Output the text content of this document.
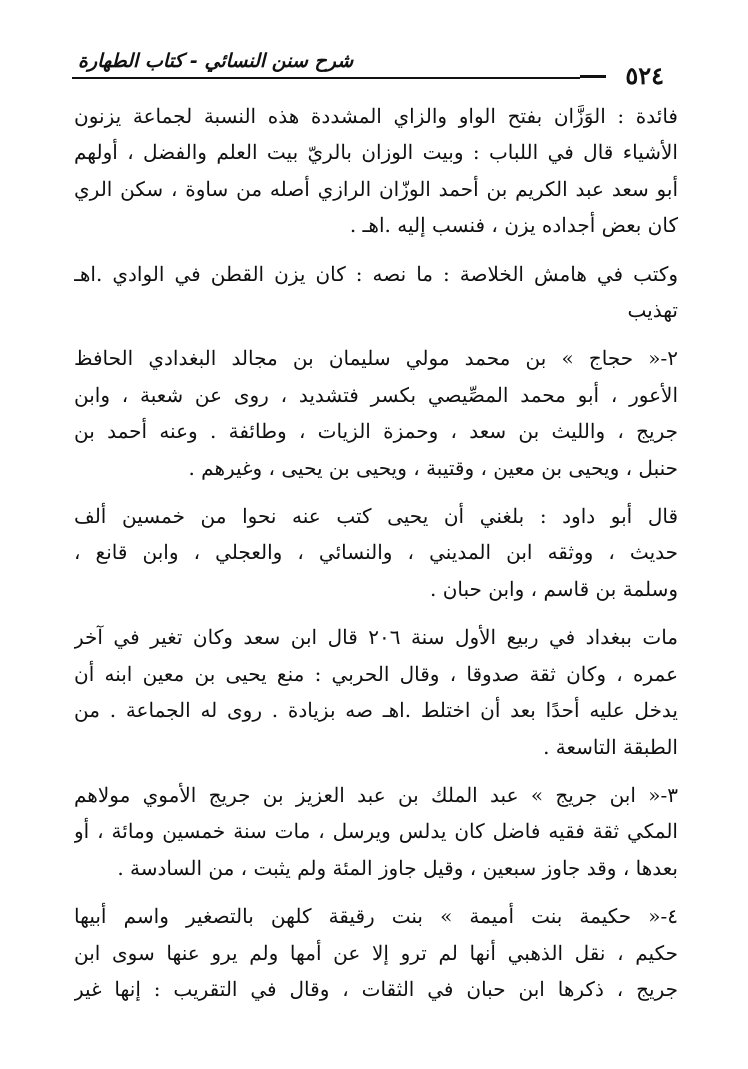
شرح سنن النسائي - كتاب الطهارة	٥٢٤
فائدة : الوَزَّان بفتح الواو والزاي المشددة هذه النسبة لجماعة يزنون
الأشياء قال في اللباب : وبيت الوزان بالريّ بيت العلم والفضل ، أولهم
أبو سعد عبد الكريم بن أحمد الوزّان الرازي أصله من ساوة ، سكن الري
كان بعض أجداده يزن ، فنسب إليه .اهـ .
وكتب في هامش الخلاصة : ما نصه : كان يزن القطن في الوادي .اهـ
تهذيب
٢-« حجاج » بن محمد مولي سليمان بن مجالد البغدادي الحافظ
الأعور ، أبو محمد المصِّيصي بكسر فتشديد ، روى عن شعبة ، وابن
جريج ، والليث بن سعد ، وحمزة الزيات ، وطائفة . وعنه أحمد بن
حنبل ، ويحيى بن معين ، وقتيبة ، ويحيى بن يحيى ، وغيرهم .
قال أبو داود : بلغني أن يحيى كتب عنه نحوا من خمسين ألف
حديث ، ووثقه ابن المديني ، والنسائي ، والعجلي ، وابن قانع ،
وسلمة بن قاسم ، وابن حبان .
مات ببغداد في ربيع الأول سنة ٢٠٦ قال ابن سعد وكان تغير في آخر
عمره ، وكان ثقة صدوقا ، وقال الحربي : منع يحيى بن معين ابنه أن
يدخل عليه أحدًا بعد أن اختلط .اهـ صه بزيادة . روى له الجماعة . من
الطبقة التاسعة .
٣-« ابن جريج » عبد الملك بن عبد العزيز بن جريج الأموي مولاهم
المكي ثقة فقيه فاضل كان يدلس ويرسل ، مات سنة خمسين ومائة ، أو
بعدها ، وقد جاوز سبعين ، وقيل جاوز المئة ولم يثبت ، من السادسة .
٤-« حكيمة بنت أميمة » بنت رقيقة كلهن بالتصغير واسم أبيها
حكيم ، نقل الذهبي أنها لم ترو إلا عن أمها ولم يرو عنها سوى ابن
جريج ، ذكرها ابن حبان في الثقات ، وقال في التقريب : إنها غير
